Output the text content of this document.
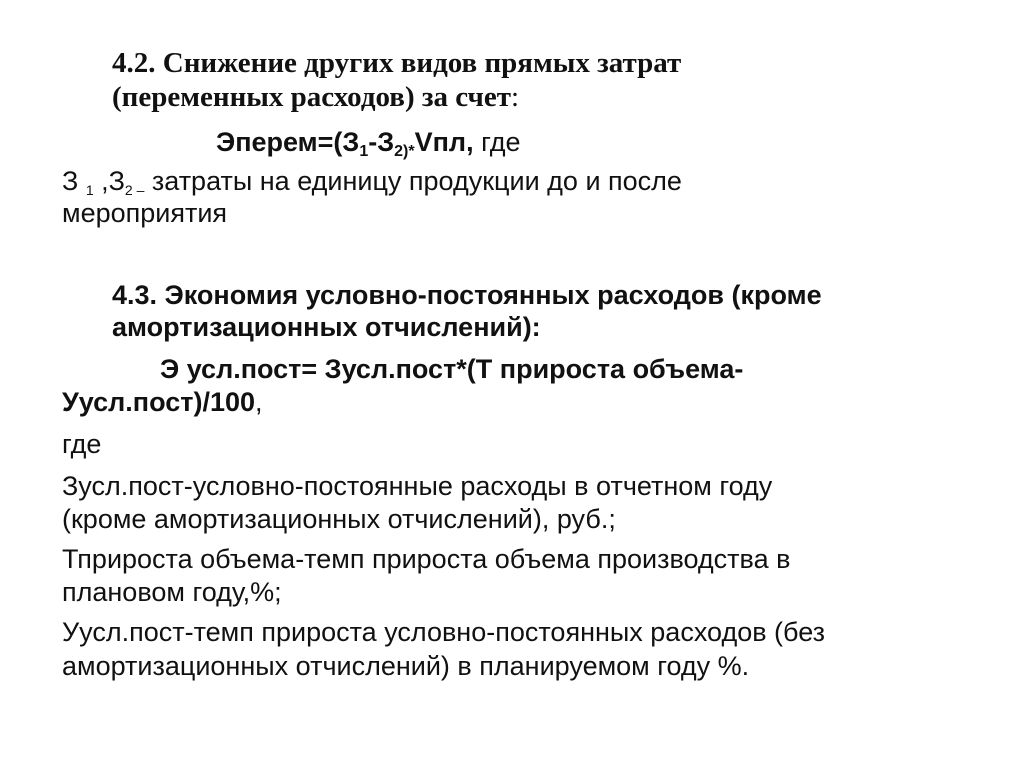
4.2. Снижение других видов прямых затрат
(переменных расходов) за счет:
$Эперем=(З_1-З_{2)*}Vпл$, где
З 1 ,З2 – затраты на единицу продукции до и после
мероприятия
4.3. Экономия условно-постоянных расходов (кроме
амортизационных отчислений):
Э усл.пост= Зусл.пост*(Т прироста объема-
Уусл.пост)/100,
где
Зусл.пост-условно-постоянные расходы в отчетном году
(кроме амортизационных отчислений), руб.;
Тприроста объема-темп прироста объема производства в
плановом году,%;
Уусл.пост-темп прироста условно-постоянных расходов (без
амортизационных отчислений) в планируемом году %.
